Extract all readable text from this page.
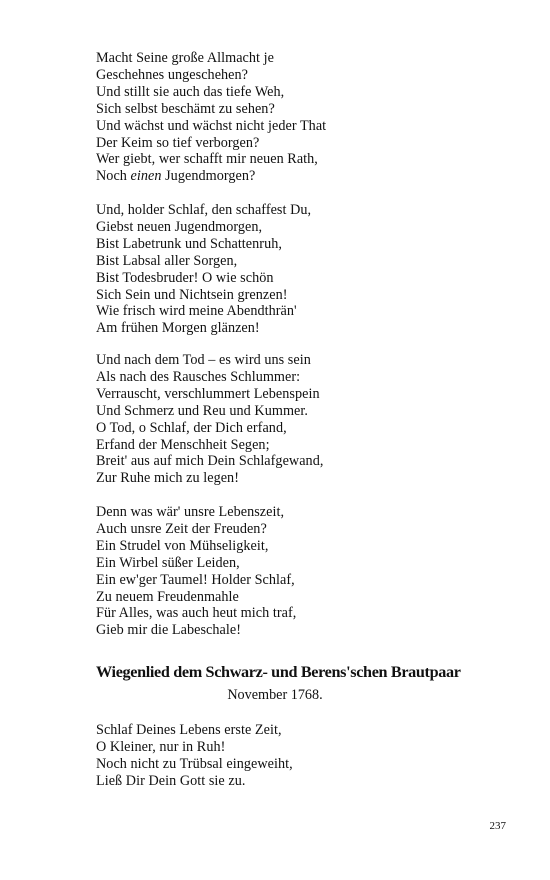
Macht Seine große Allmacht je
Geschehnes ungeschehen?
Und stillt sie auch das tiefe Weh,
Sich selbst beschämt zu sehen?
Und wächst und wächst nicht jeder That
Der Keim so tief verborgen?
Wer giebt, wer schafft mir neuen Rath,
Noch einen Jugendmorgen?
Und, holder Schlaf, den schaffest Du,
Giebst neuen Jugendmorgen,
Bist Labetrunk und Schattenruh,
Bist Labsal aller Sorgen,
Bist Todesbruder! O wie schön
Sich Sein und Nichtsein grenzen!
Wie frisch wird meine Abendthrän'
Am frühen Morgen glänzen!
Und nach dem Tod – es wird uns sein
Als nach des Rausches Schlummer:
Verrauscht, verschlummert Lebenspein
Und Schmerz und Reu und Kummer.
O Tod, o Schlaf, der Dich erfand,
Erfand der Menschheit Segen;
Breit' aus auf mich Dein Schlafgewand,
Zur Ruhe mich zu legen!
Denn was wär' unsre Lebenszeit,
Auch unsre Zeit der Freuden?
Ein Strudel von Mühseligkeit,
Ein Wirbel süßer Leiden,
Ein ew'ger Taumel! Holder Schlaf,
Zu neuem Freudenmahle
Für Alles, was auch heut mich traf,
Gieb mir die Labeschale!
Wiegenlied dem Schwarz- und Berens'schen Brautpaar

November 1768.

Schlaf Deines Lebens erste Zeit,
O Kleiner, nur in Ruh!
Noch nicht zu Trübsal eingeweiht,
Ließ Dir Dein Gott sie zu.

237
